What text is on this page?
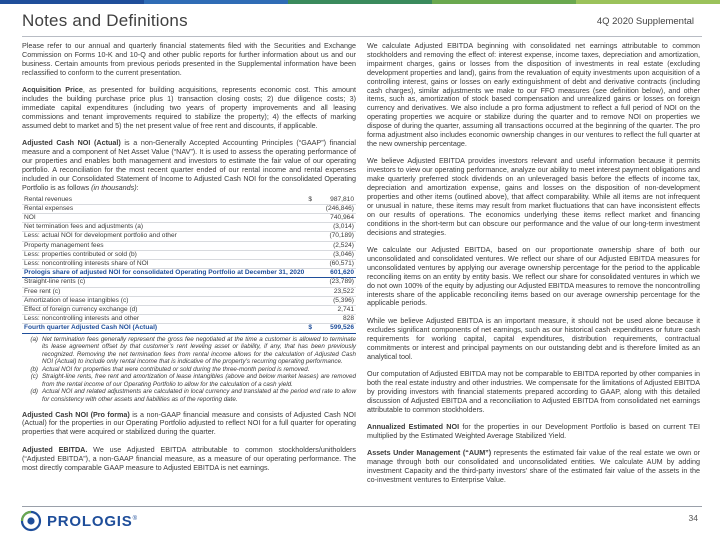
Notes and Definitions	4Q 2020 Supplemental

Please refer to our annual and quarterly financial statements filed with the Securities and Exchange Commission on Forms 10-K and 10-Q and other public reports for further information about us and our business. Certain amounts from previous periods presented in the Supplemental information have been reclassified to conform to the current presentation.

Acquisition Price, as presented for building acquisitions, represents economic cost. This amount includes the building purchase price plus 1) transaction closing costs; 2) due diligence costs; 3) immediate capital expenditures (including two years of property improvements and all leasing commissions and tenant improvements required to stabilize the property); 4) the effects of marking assumed debt to market and 5) the net present value of free rent and discounts, if applicable.

Adjusted Cash NOI (Actual) is a non-Generally Accepted Accounting Principles (“GAAP”) financial measure and a component of Net Asset Value (“NAV”). It is used to assess the operating performance of our properties and enables both management and investors to estimate the fair value of our operating portfolio. A reconciliation for the most recent quarter ended of our rental income and rental expenses included in our Consolidated Statement of Income to Adjusted Cash NOI for the consolidated Operating Portfolio is as follows (in thousands):

Rental revenues	$	987,810
Rental expenses		(246,846)
NOI		740,964
Net termination fees and adjustments (a)		(3,014)
Less: actual NOI for development portfolio and other		(70,189)
Property management fees		(2,524)
Less: properties contributed or sold (b)		(3,046)
Less: noncontrolling interests share of NOI		(60,571)
Prologis share of adjusted NOI for consolidated Operating Portfolio at December 31, 2020		601,620
Straight-line rents (c)		(23,789)
Free rent (c)		23,522
Amortization of lease intangibles (c)		(5,396)
Effect of foreign currency exchange (d)		2,741
Less: noncontrolling interests and other		828
Fourth quarter Adjusted Cash NOI (Actual)	$	599,526
(a) Net termination fees generally represent the gross fee negotiated at the time a customer is allowed to terminate its lease agreement offset by that customer’s rent leveling asset or liability, if any, that has been previously recognized. Removing the net termination fees from rental income allows for the calculation of Adjusted Cash NOI (Actual) to include only rental income that is indicative of the property’s recurring operating performance.
(b) Actual NOI for properties that were contributed or sold during the three-month period is removed.
(c) Straight-line rents, free rent and amortization of lease intangibles (above and below market leases) are removed from the rental income of our Operating Portfolio to allow for the calculation of a cash yield.
(d) Actual NOI and related adjustments are calculated in local currency and translated at the period end rate to allow for consistency with other assets and liabilities as of the reporting date.

Adjusted Cash NOI (Pro forma) is a non-GAAP financial measure and consists of Adjusted Cash NOI (Actual) for the properties in our Operating Portfolio adjusted to reflect NOI for a full quarter for operating properties that were acquired or stabilized during the quarter.

Adjusted EBITDA. We use Adjusted EBITDA attributable to common stockholders/unitholders (“Adjusted EBITDA”), a non-GAAP financial measure, as a measure of our operating performance. The most directly comparable GAAP measure to Adjusted EBITDA is net earnings.

We calculate Adjusted EBITDA beginning with consolidated net earnings attributable to common stockholders and removing the effect of: interest expense, income taxes, depreciation and amortization, impairment charges, gains or losses from the disposition of investments in real estate (excluding development properties and land), gains from the revaluation of equity investments upon acquisition of a controlling interest, gains or losses on early extinguishment of debt and derivative contracts (including cash charges), similar adjustments we make to our FFO measures (see definition below), and other items, such as, amortization of stock based compensation and unrealized gains or losses on foreign currency and derivatives. We also include a pro forma adjustment to reflect a full period of NOI on the operating properties we acquire or stabilize during the quarter and to remove NOI on properties we dispose of during the quarter, assuming all transactions occurred at the beginning of the quarter. The pro forma adjustment also includes economic ownership changes in our ventures to reflect the full quarter at the new ownership percentage.

We believe Adjusted EBITDA provides investors relevant and useful information because it permits investors to view our operating performance, analyze our ability to meet interest payment obligations and make quarterly preferred stock dividends on an unleveraged basis before the effects of income tax, depreciation and amortization expense, gains and losses on the disposition of non-development properties and other items (outlined above), that affect comparability. While all items are not infrequent or unusual in nature, these items may result from market fluctuations that can have inconsistent effects on our results of operations. The economics underlying these items reflect market and financing conditions in the short-term but can obscure our performance and the value of our long-term investment decisions and strategies.

We calculate our Adjusted EBITDA, based on our proportionate ownership share of both our unconsolidated and consolidated ventures. We reflect our share of our Adjusted EBITDA measures for unconsolidated ventures by applying our average ownership percentage for the period to the applicable reconciling items on an entity by entity basis. We reflect our share for consolidated ventures in which we do not own 100% of the equity by adjusting our Adjusted EBITDA measures to remove the noncontrolling interests share of the applicable reconciling items based on our average ownership percentage for the applicable periods.

While we believe Adjusted EBITDA is an important measure, it should not be used alone because it excludes significant components of net earnings, such as our historical cash expenditures or future cash requirements for working capital, capital expenditures, distribution requirements, contractual commitments or interest and principal payments on our outstanding debt and is therefore limited as an analytical tool.

Our computation of Adjusted EBITDA may not be comparable to EBITDA reported by other companies in both the real estate industry and other industries. We compensate for the limitations of Adjusted EBITDA by providing investors with financial statements prepared according to GAAP, along with this detailed discussion of Adjusted EBITDA and a reconciliation to Adjusted EBITDA from consolidated net earnings attributable to common stockholders.

Annualized Estimated NOI for the properties in our Development Portfolio is based on current TEI multiplied by the Estimated Weighted Average Stabilized Yield.

Assets Under Management (“AUM”) represents the estimated fair value of the real estate we own or manage through both our consolidated and unconsolidated entities. We calculate AUM by adding investment Capacity and the third-party investors’ share of the estimated fair value of the assets in the co-investment ventures to Enterprise Value.

PROLOGIS®	34
